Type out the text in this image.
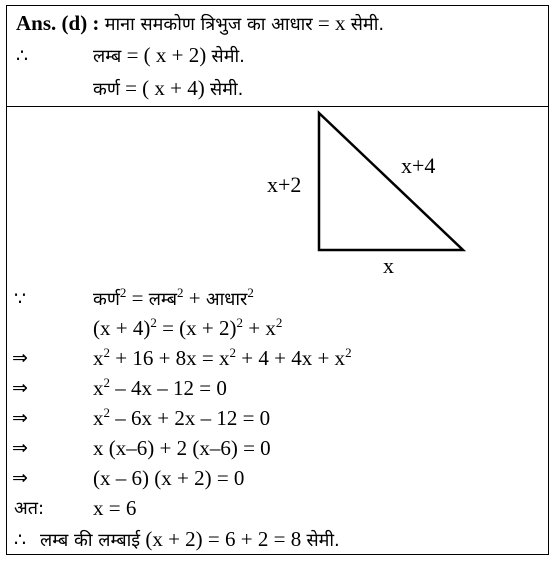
Ans. (d) : माना समकोण त्रिभुज का आधार = x सेमी.
∴	लम्ब = ( x + 2) सेमी.
कर्ण = ( x + 4) सेमी.
x+2
x+4
x
∵	कर्ण$^2$ = लम्ब$^2$ + आधार$^2$
$(x + 4)^2 = (x + 2)^2 + x^2$
⇒	$x^2 + 16 + 8x = x^2 + 4 + 4x + x^2$
⇒	$x^2 - 4x - 12 = 0$
⇒	$x^2 - 6x + 2x - 12 = 0$
⇒	x (x–6) + 2 (x–6) = 0
⇒	(x – 6) (x + 2) = 0
अत: x = 6
∴ लम्ब की लम्बाई (x + 2) = 6 + 2 = 8 सेमी.
